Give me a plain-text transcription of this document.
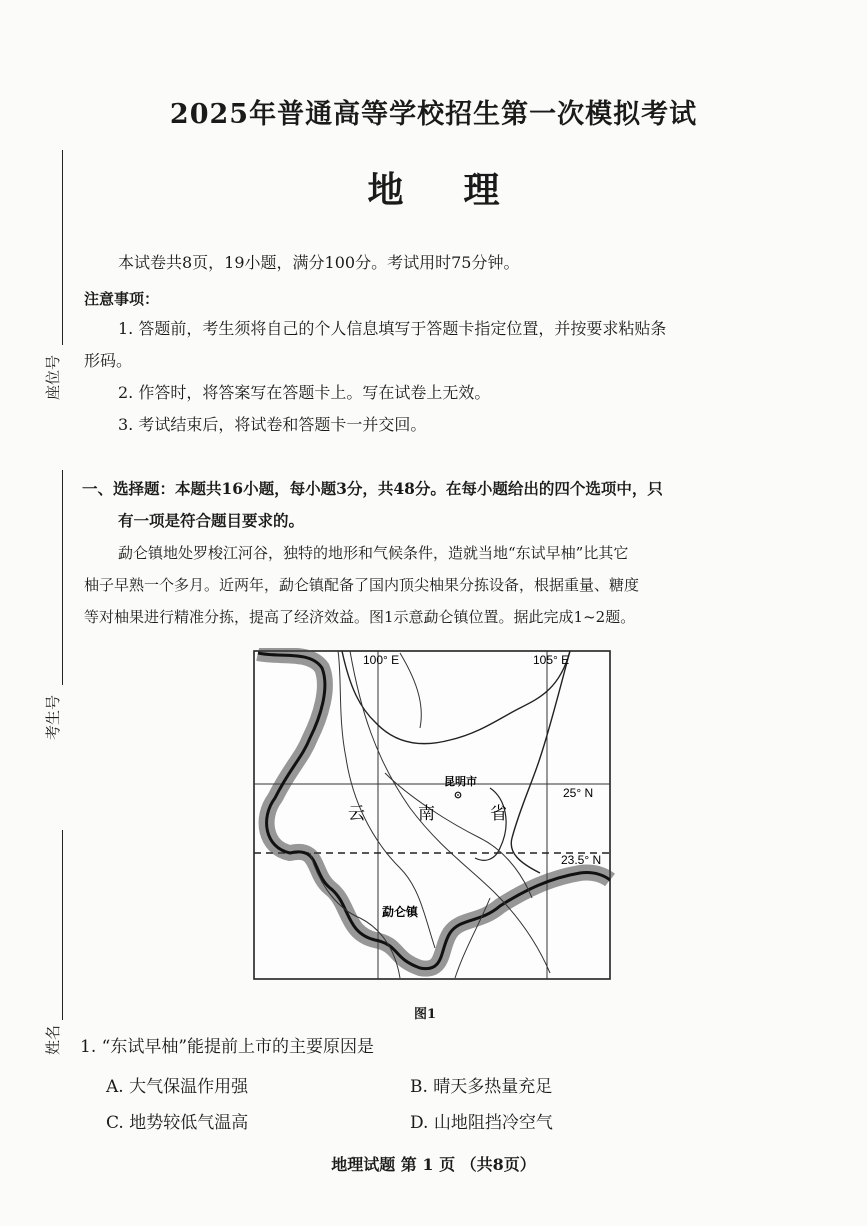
2025年普通高等学校招生第一次模拟考试
地理
座位号
考生号
姓名
本试卷共8页，19小题，满分100分。考试用时75分钟。
注意事项：
1. 答题前，考生须将自己的个人信息填写于答题卡指定位置，并按要求粘贴条
形码。
2. 作答时，将答案写在答题卡上。写在试卷上无效。
3. 考试结束后，将试卷和答题卡一并交回。
一、选择题：本题共16小题，每小题3分，共48分。在每小题给出的四个选项中，只
有一项是符合题目要求的。
勐仑镇地处罗梭江河谷，独特的地形和气候条件，造就当地“东试早柚”比其它
柚子早熟一个多月。近两年，勐仑镇配备了国内顶尖柚果分拣设备，根据重量、糖度
等对柚果进行精准分拣，提高了经济效益。图1示意勐仑镇位置。据此完成1~2题。
100° E	105° E
25° N
23.5° N
昆明市
云	南	省
勐仑镇
图1
1. “东试早柚”能提前上市的主要原因是
A. 大气保温作用强	B. 晴天多热量充足
C. 地势较低气温高	D. 山地阻挡冷空气
地理试题 第 1 页 （共8页）
